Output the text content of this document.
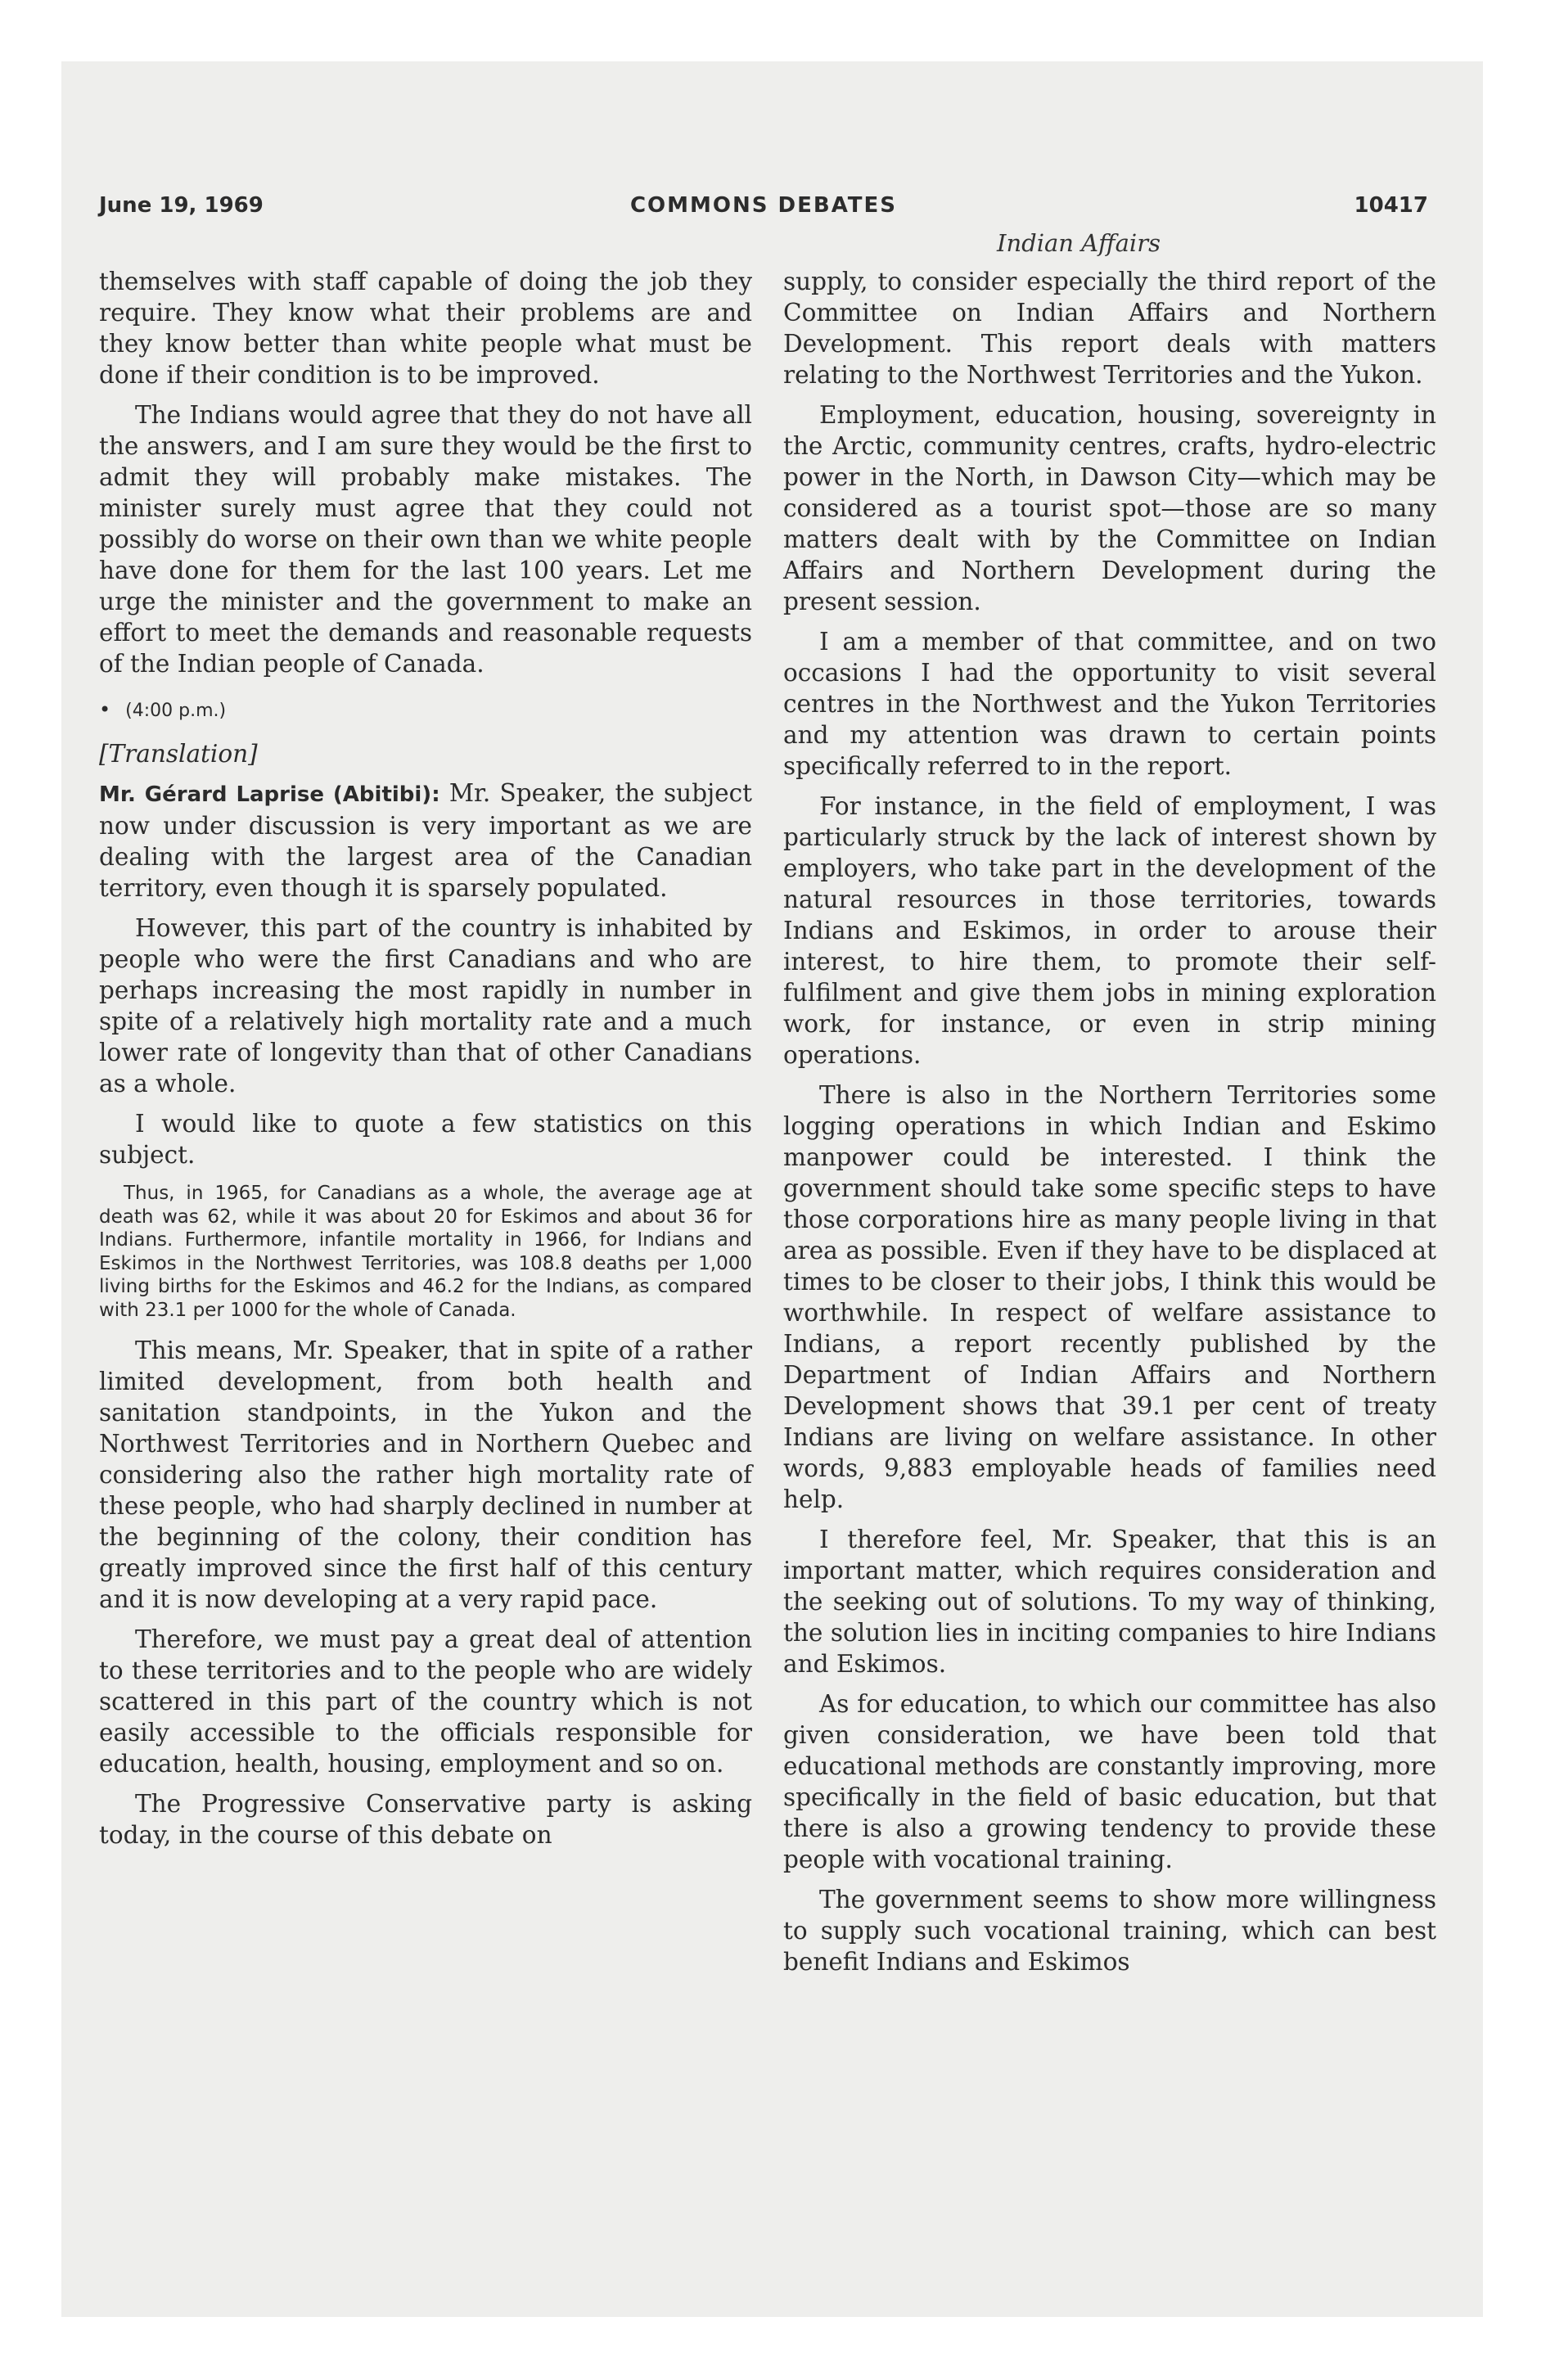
June 19, 1969	COMMONS DEBATES	10417
Indian Affairs

themselves with staff capable of doing the job they require. They know what their problems are and they know better than white people what must be done if their condition is to be improved.

The Indians would agree that they do not have all the answers, and I am sure they would be the first to admit they will probably make mistakes. The minister surely must agree that they could not possibly do worse on their own than we white people have done for them for the last 100 years. Let me urge the minister and the government to make an effort to meet the demands and reasonable requests of the Indian people of Canada.

• (4:00 p.m.)

[Translation]

Mr. Gérard Laprise (Abitibi): Mr. Speaker, the subject now under discussion is very important as we are dealing with the largest area of the Canadian territory, even though it is sparsely populated.

However, this part of the country is inhabited by people who were the first Canadians and who are perhaps increasing the most rapidly in number in spite of a relatively high mortality rate and a much lower rate of longevity than that of other Canadians as a whole.

I would like to quote a few statistics on this subject.

Thus, in 1965, for Canadians as a whole, the average age at death was 62, while it was about 20 for Eskimos and about 36 for Indians. Furthermore, infantile mortality in 1966, for Indians and Eskimos in the Northwest Territories, was 108.8 deaths per 1,000 living births for the Eskimos and 46.2 for the Indians, as compared with 23.1 per 1000 for the whole of Canada.

This means, Mr. Speaker, that in spite of a rather limited development, from both health and sanitation standpoints, in the Yukon and the Northwest Territories and in Northern Quebec and considering also the rather high mortality rate of these people, who had sharply declined in number at the beginning of the colony, their condition has greatly improved since the first half of this century and it is now developing at a very rapid pace.

Therefore, we must pay a great deal of attention to these territories and to the people who are widely scattered in this part of the country which is not easily accessible to the officials responsible for education, health, housing, employment and so on.

The Progressive Conservative party is asking today, in the course of this debate on

supply, to consider especially the third report of the Committee on Indian Affairs and Northern Development. This report deals with matters relating to the Northwest Territories and the Yukon.

Employment, education, housing, sovereignty in the Arctic, community centres, crafts, hydro-electric power in the North, in Dawson City—which may be considered as a tourist spot—those are so many matters dealt with by the Committee on Indian Affairs and Northern Development during the present session.

I am a member of that committee, and on two occasions I had the opportunity to visit several centres in the Northwest and the Yukon Territories and my attention was drawn to certain points specifically referred to in the report.

For instance, in the field of employment, I was particularly struck by the lack of interest shown by employers, who take part in the development of the natural resources in those territories, towards Indians and Eskimos, in order to arouse their interest, to hire them, to promote their self-fulfilment and give them jobs in mining exploration work, for instance, or even in strip mining operations.

There is also in the Northern Territories some logging operations in which Indian and Eskimo manpower could be interested. I think the government should take some specific steps to have those corporations hire as many people living in that area as possible. Even if they have to be displaced at times to be closer to their jobs, I think this would be worthwhile. In respect of welfare assistance to Indians, a report recently published by the Department of Indian Affairs and Northern Development shows that 39.1 per cent of treaty Indians are living on welfare assistance. In other words, 9,883 employable heads of families need help.

I therefore feel, Mr. Speaker, that this is an important matter, which requires consideration and the seeking out of solutions. To my way of thinking, the solution lies in inciting companies to hire Indians and Eskimos.

As for education, to which our committee has also given consideration, we have been told that educational methods are constantly improving, more specifically in the field of basic education, but that there is also a growing tendency to provide these people with vocational training.

The government seems to show more willingness to supply such vocational training, which can best benefit Indians and Eskimos
